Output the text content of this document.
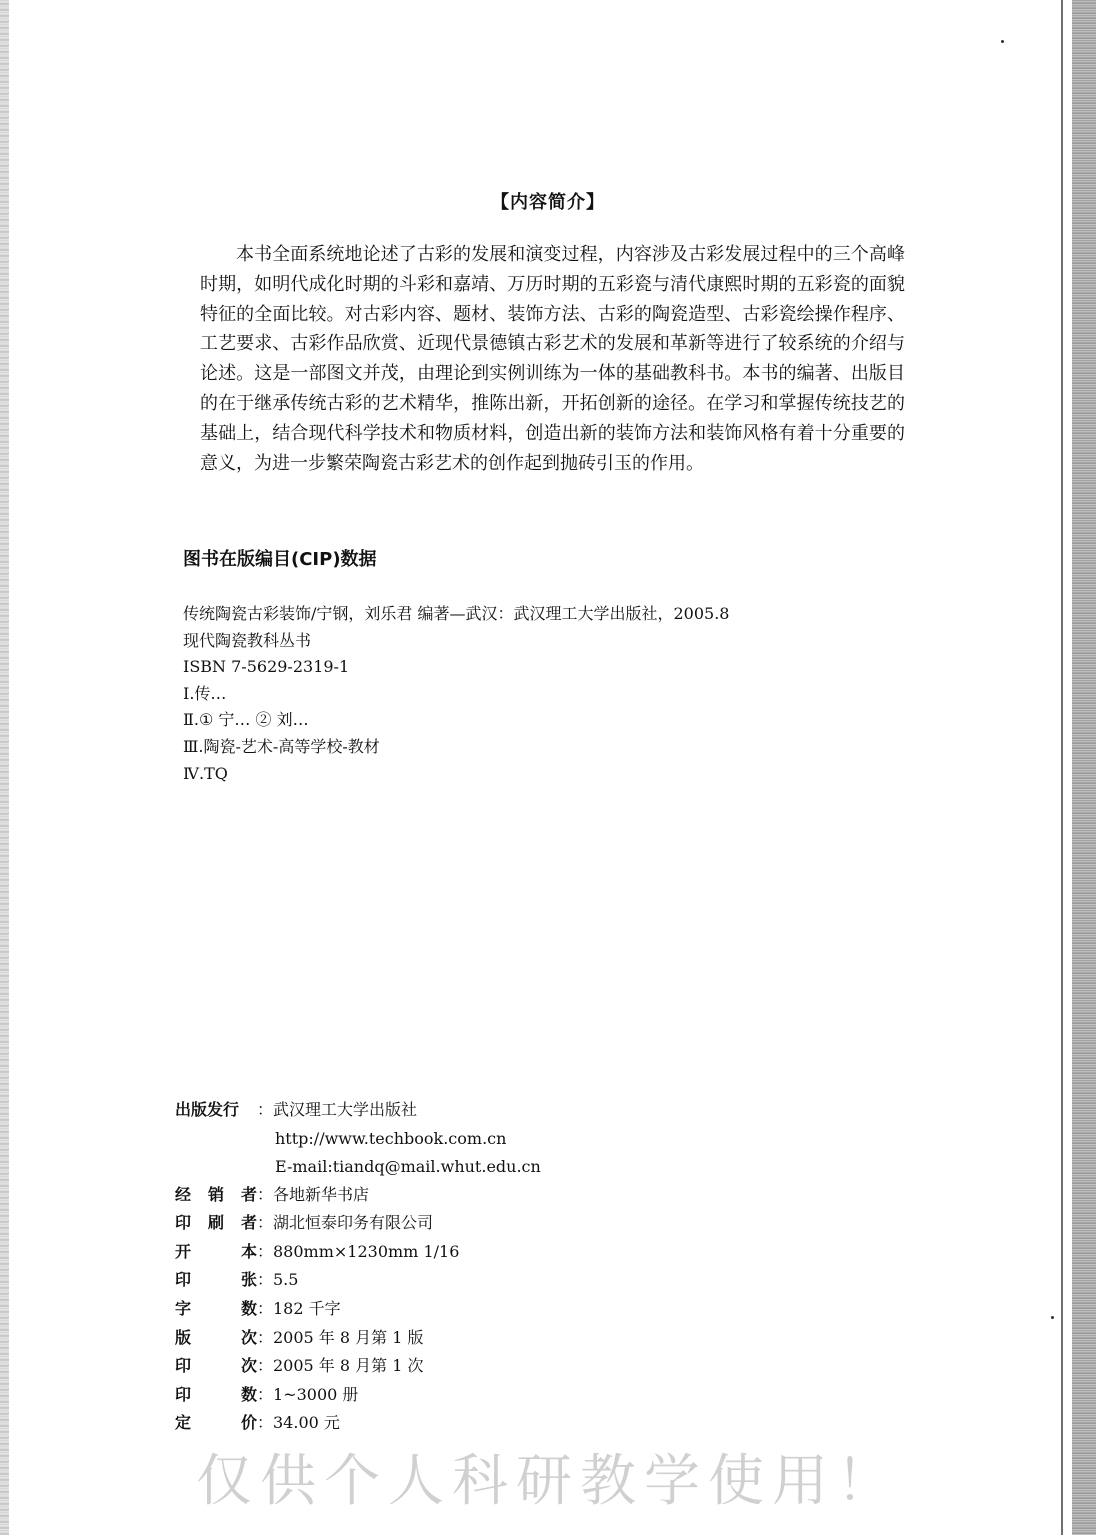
【内容简介】
本书全面系统地论述了古彩的发展和演变过程，内容涉及古彩发展过程中的三个高峰时期，如明代成化时期的斗彩和嘉靖、万历时期的五彩瓷与清代康熙时期的五彩瓷的面貌特征的全面比较。对古彩内容、题材、装饰方法、古彩的陶瓷造型、古彩瓷绘操作程序、工艺要求、古彩作品欣赏、近现代景德镇古彩艺术的发展和革新等进行了较系统的介绍与论述。这是一部图文并茂，由理论到实例训练为一体的基础教科书。本书的编著、出版目的在于继承传统古彩的艺术精华，推陈出新，开拓创新的途径。在学习和掌握传统技艺的基础上，结合现代科学技术和物质材料，创造出新的装饰方法和装饰风格有着十分重要的意义，为进一步繁荣陶瓷古彩艺术的创作起到抛砖引玉的作用。
图书在版编目(CIP)数据
传统陶瓷古彩装饰/宁钢，刘乐君 编著—武汉：武汉理工大学出版社，2005.8
现代陶瓷教科丛书
ISBN 7-5629-2319-1
Ⅰ.传…
Ⅱ.① 宁… ② 刘…
Ⅲ.陶瓷-艺术-高等学校-教材
Ⅳ.TQ
出版发行	： 武汉理工大学出版社
http://www.techbook.com.cn
E-mail:tiandq@mail.whut.edu.cn
经 销 者 ： 各地新华书店
印 刷 者 ： 湖北恒泰印务有限公司
开	本 ： 880mm×1230mm 1/16
印	张 ： 5.5
字	数 ： 182 千字
版	次 ： 2005 年 8 月第 1 版
印	次 ： 2005 年 8 月第 1 次
印	数 ： 1~3000 册
定	价 ： 34.00 元
仅供个人科研教学使用！
